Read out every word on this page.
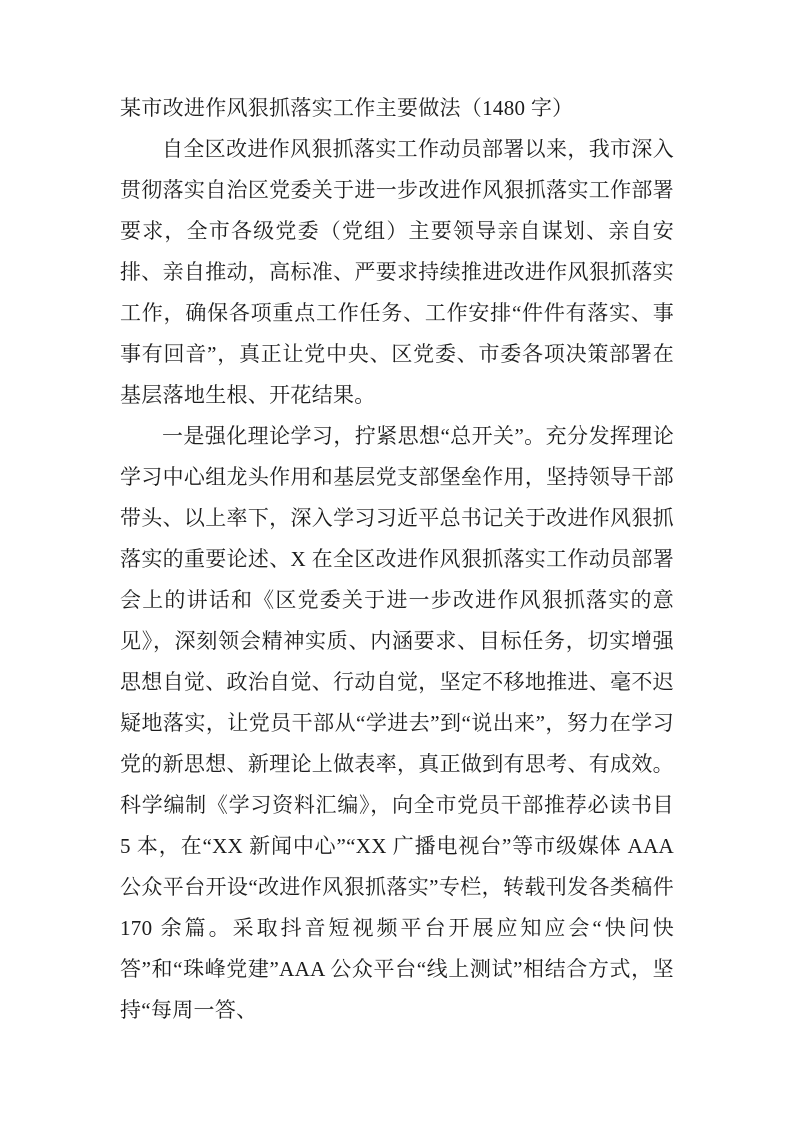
某市改进作风狠抓落实工作主要做法（1480 字）

自全区改进作风狠抓落实工作动员部署以来，我市深入贯彻落实自治区党委关于进一步改进作风狠抓落实工作部署要求，全市各级党委（党组）主要领导亲自谋划、亲自安排、亲自推动，高标准、严要求持续推进改进作风狠抓落实工作，确保各项重点工作任务、工作安排“件件有落实、事事有回音”，真正让党中央、区党委、市委各项决策部署在基层落地生根、开花结果。

一是强化理论学习，拧紧思想“总开关”。充分发挥理论学习中心组龙头作用和基层党支部堡垒作用，坚持领导干部带头、以上率下，深入学习习近平总书记关于改进作风狠抓落实的重要论述、X 在全区改进作风狠抓落实工作动员部署会上的讲话和《区党委关于进一步改进作风狠抓落实的意见》，深刻领会精神实质、内涵要求、目标任务，切实增强思想自觉、政治自觉、行动自觉，坚定不移地推进、毫不迟疑地落实，让党员干部从“学进去”到“说出来”，努力在学习党的新思想、新理论上做表率，真正做到有思考、有成效。科学编制《学习资料汇编》，向全市党员干部推荐必读书目 5 本，在“XX 新闻中心”“XX 广播电视台”等市级媒体 AAA 公众平台开设“改进作风狠抓落实”专栏，转载刊发各类稿件 170 余篇。采取抖音短视频平台开展应知应会“快问快答”和“珠峰党建”AAA 公众平台“线上测试”相结合方式，坚持“每周一答、
